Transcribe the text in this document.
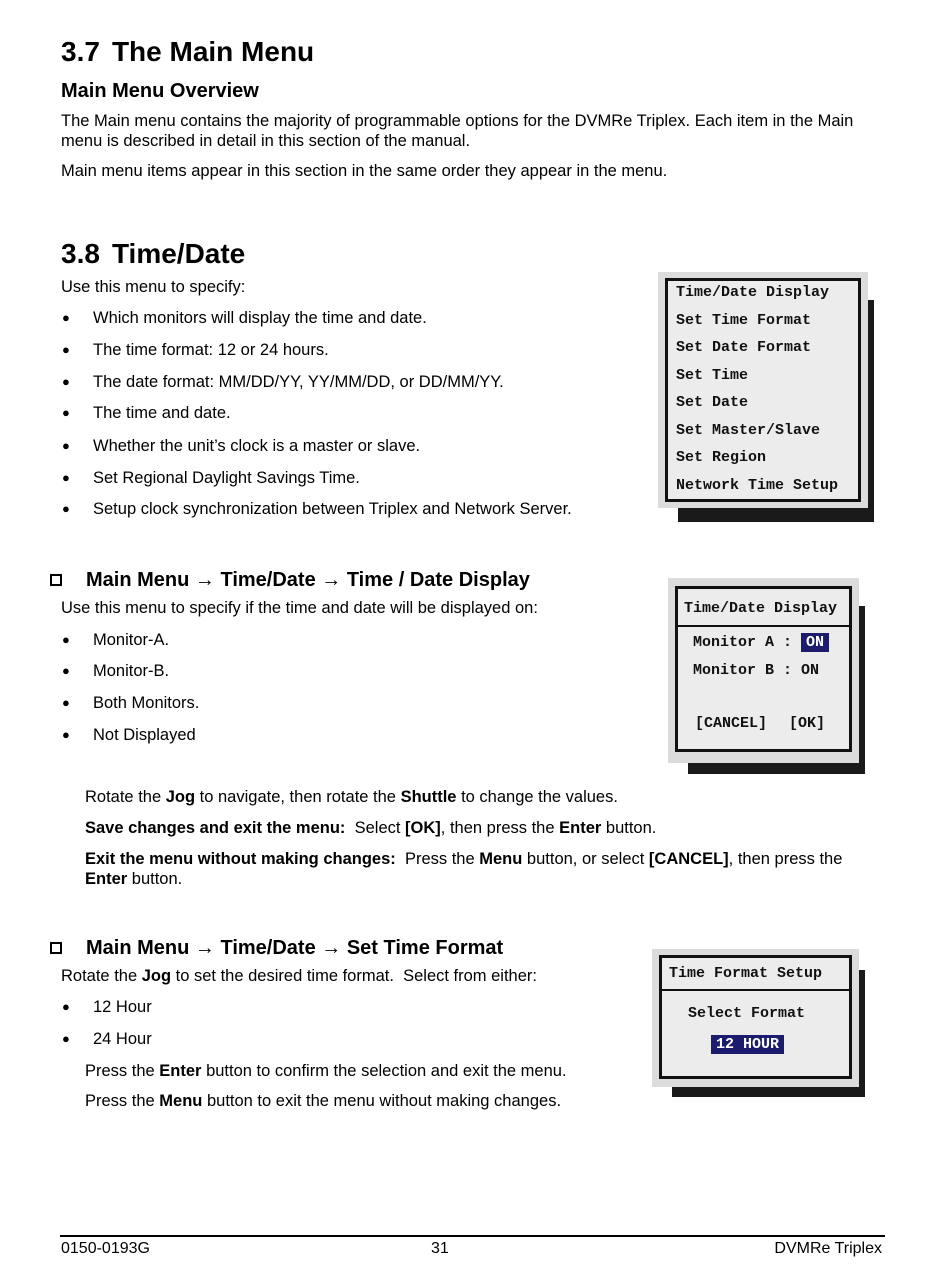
3.7 The Main Menu
Main Menu Overview
The Main menu contains the majority of programmable options for the DVMRe Triplex. Each item in the Main menu is described in detail in this section of the manual.
Main menu items appear in this section in the same order they appear in the menu.
3.8 Time/Date
Use this menu to specify:
● Which monitors will display the time and date.
● The time format: 12 or 24 hours.
● The date format: MM/DD/YY, YY/MM/DD, or DD/MM/YY.
● The time and date.
● Whether the unit’s clock is a master or slave.
● Set Regional Daylight Savings Time.
● Setup clock synchronization between Triplex and Network Server.
Time/Date Display
Set Time Format
Set Date Format
Set Time
Set Date
Set Master/Slave
Set Region
Network Time Setup
Main Menu → Time/Date → Time / Date Display
Use this menu to specify if the time and date will be displayed on:
● Monitor-A.
● Monitor-B.
● Both Monitors.
● Not Displayed
Time/Date Display
Monitor A : ON
Monitor B : ON
[CANCEL] [OK]
Rotate the Jog to navigate, then rotate the Shuttle to change the values.
Save changes and exit the menu:  Select [OK], then press the Enter button.
Exit the menu without making changes:  Press the Menu button, or select [CANCEL], then press the Enter button.
Main Menu → Time/Date → Set Time Format
Rotate the Jog to set the desired time format.  Select from either:
● 12 Hour
● 24 Hour
Press the Enter button to confirm the selection and exit the menu.
Press the Menu button to exit the menu without making changes.
Time Format Setup
Select Format
12 HOUR
0150-0193G	31	DVMRe Triplex
